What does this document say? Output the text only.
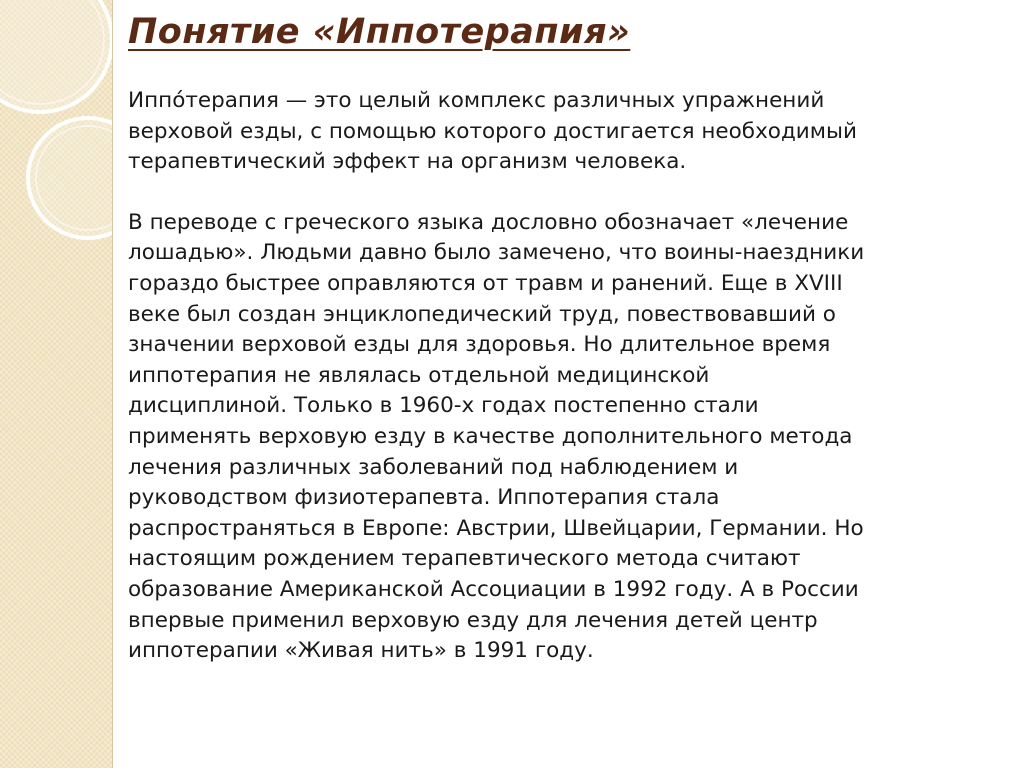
Понятие «Иппотерапия»

Иппо́терапия — это целый комплекс различных упражнений
верховой езды, с помощью которого достигается необходимый
терапевтический эффект на организм человека.

В переводе с греческого языка дословно обозначает «лечение
лошадью». Людьми давно было замечено, что воины-наездники
гораздо быстрее оправляются от травм и ранений. Еще в XVIII
веке был создан энциклопедический труд, повествовавший о
значении верховой езды для здоровья. Но длительное время
иппотерапия не являлась отдельной медицинской
дисциплиной. Только в 1960-х годах постепенно стали
применять верховую езду в качестве дополнительного метода
лечения различных заболеваний под наблюдением и
руководством физиотерапевта. Иппотерапия стала
распространяться в Европе: Австрии, Швейцарии, Германии. Но
настоящим рождением терапевтического метода считают
образование Американской Ассоциации в 1992 году. А в России
впервые применил верховую езду для лечения детей центр
иппотерапии «Живая нить» в 1991 году.
